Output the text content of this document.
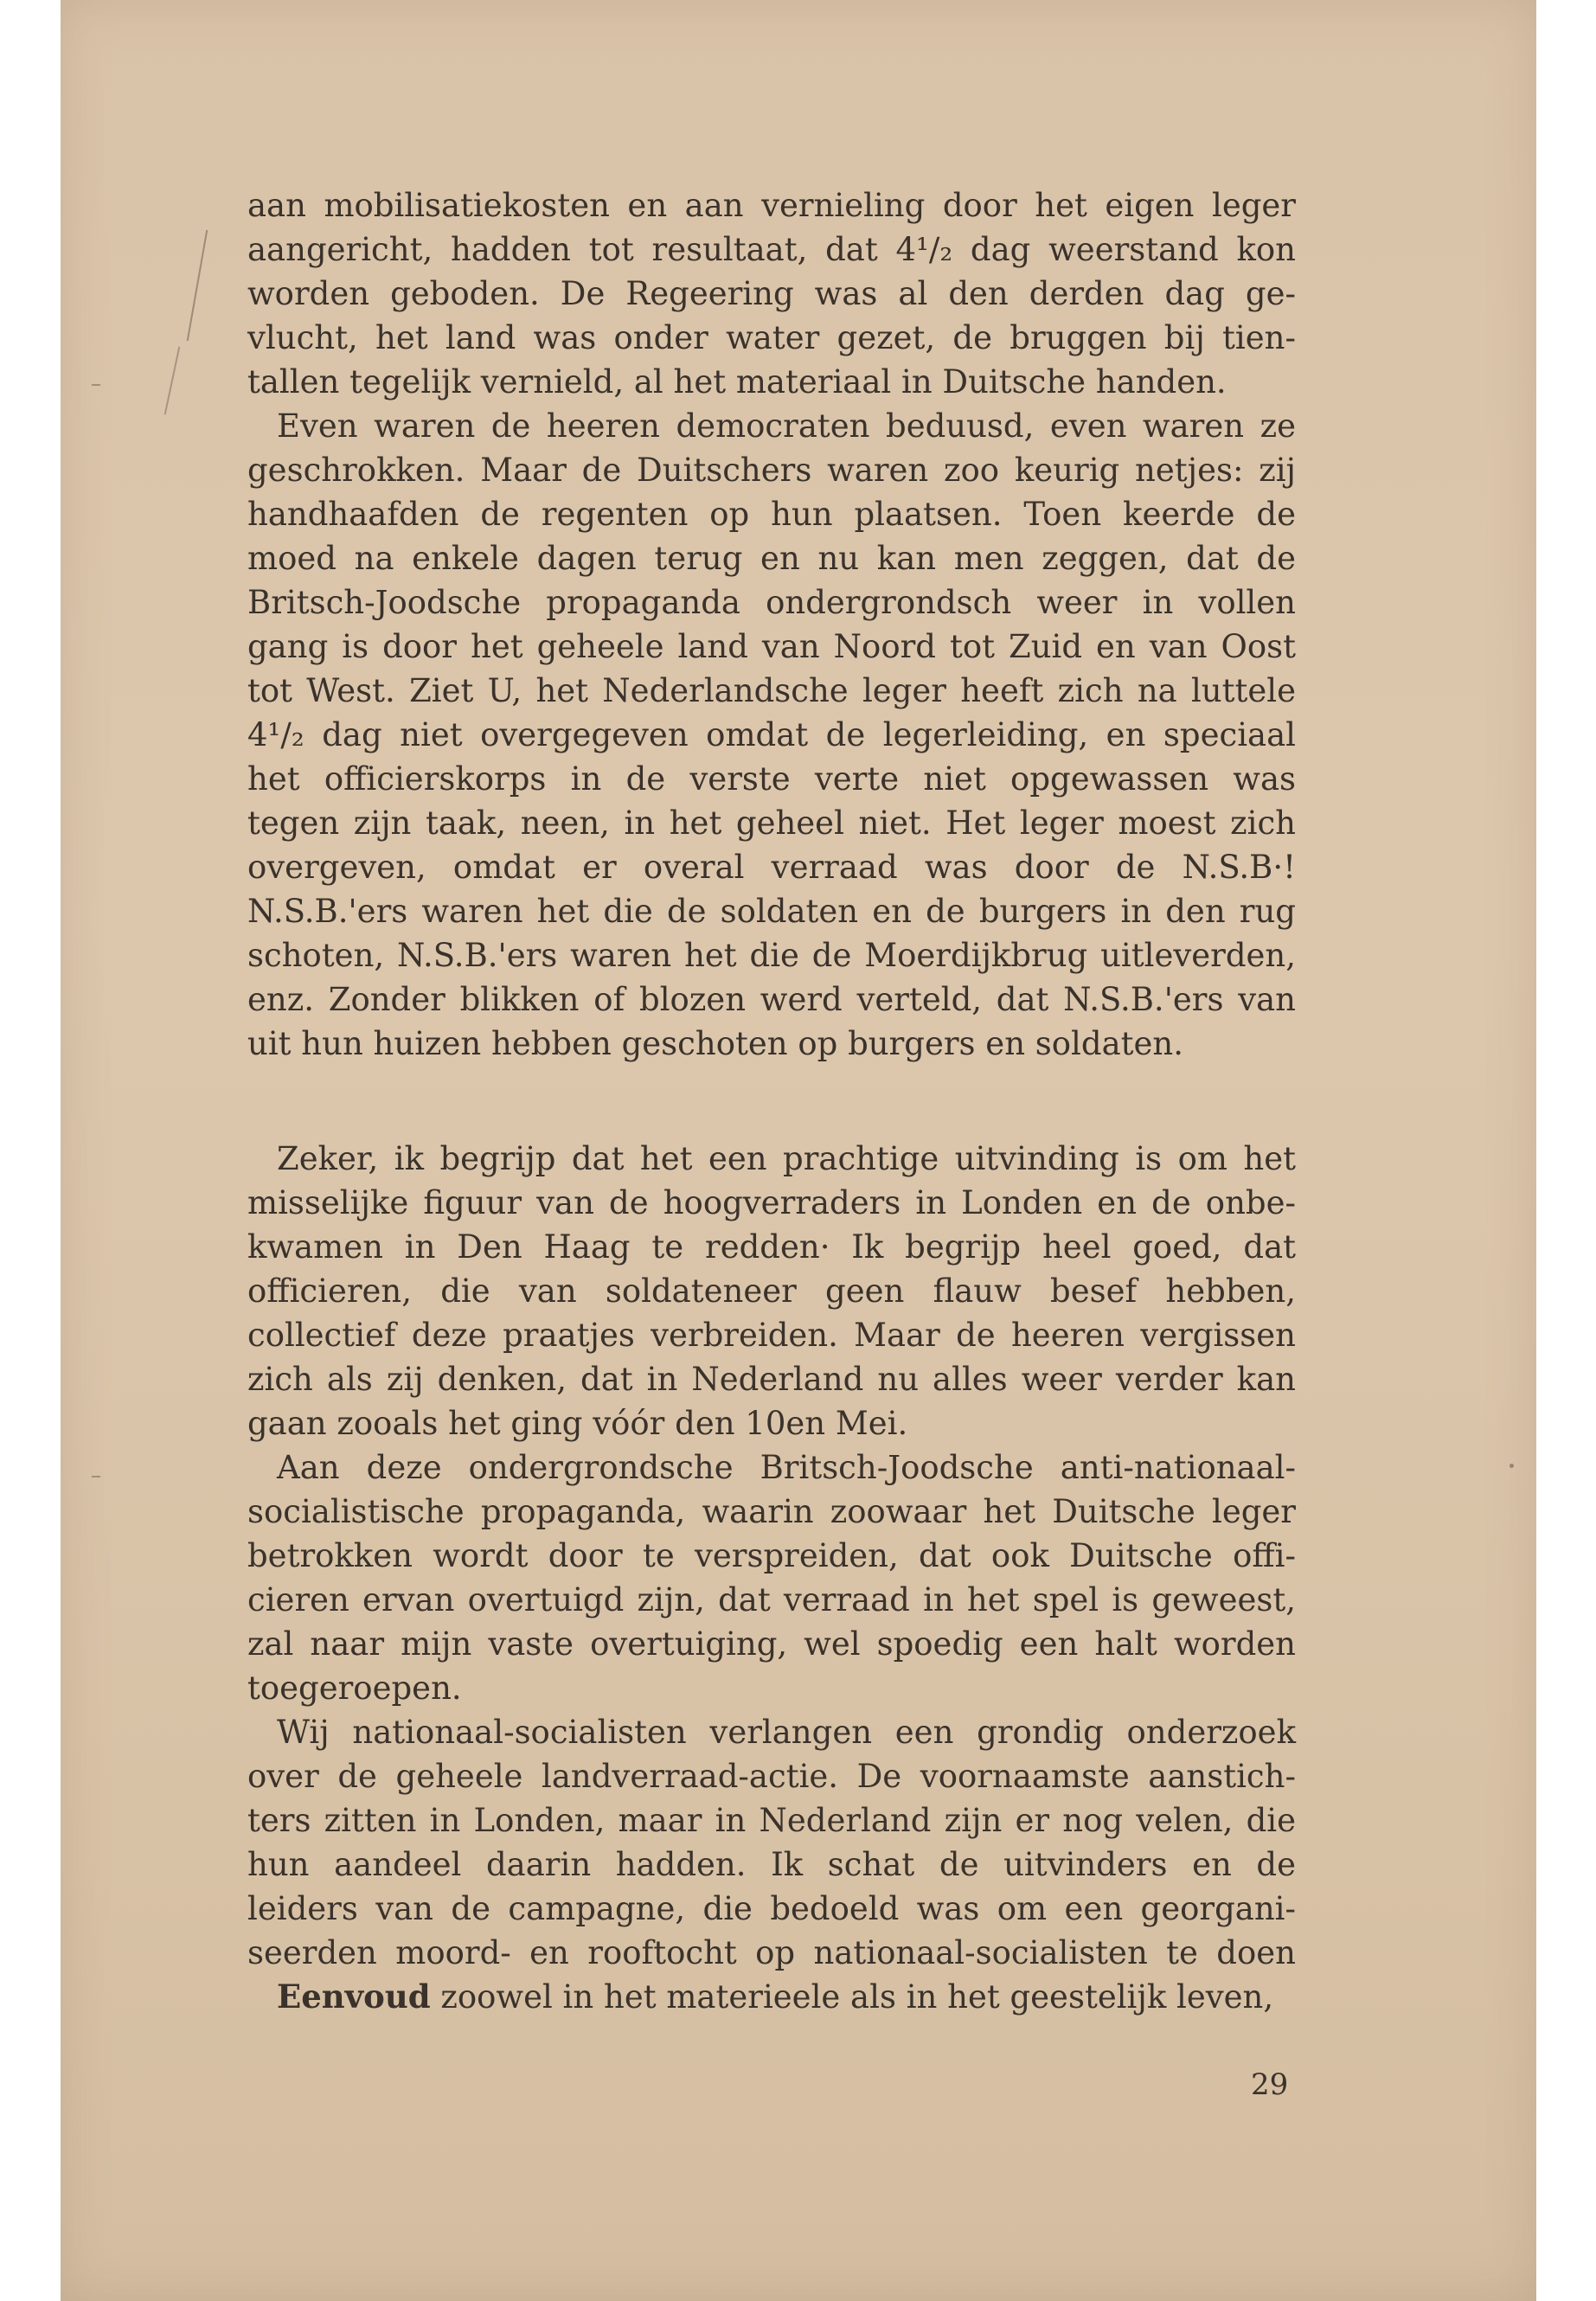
aan mobilisatiekosten en aan vernieling door het eigen leger
aangericht, hadden tot resultaat, dat 4¹/₂ dag weerstand kon
worden geboden. De Regeering was al den derden dag ge-
vlucht, het land was onder water gezet, de bruggen bij tien-
tallen tegelijk vernield, al het materiaal in Duitsche handen.

Even waren de heeren democraten beduusd, even waren ze
geschrokken. Maar de Duitschers waren zoo keurig netjes: zij
handhaafden de regenten op hun plaatsen. Toen keerde de
moed na enkele dagen terug en nu kan men zeggen, dat de
Britsch-Joodsche propaganda ondergrondsch weer in vollen
gang is door het geheele land van Noord tot Zuid en van Oost
tot West. Ziet U, het Nederlandsche leger heeft zich na luttele
4¹/₂ dag niet overgegeven omdat de legerleiding, en speciaal
het officierskorps in de verste verte niet opgewassen was
tegen zijn taak, neen, in het geheel niet. Het leger moest zich
overgeven, omdat er overal verraad was door de N.S.B·!
N.S.B.'ers waren het die de soldaten en de burgers in den rug
schoten, N.S.B.'ers waren het die de Moerdijkbrug uitleverden,
enz. Zonder blikken of blozen werd verteld, dat N.S.B.'ers van
uit hun huizen hebben geschoten op burgers en soldaten.

Zeker, ik begrijp dat het een prachtige uitvinding is om het
misselijke figuur van de hoogverraders in Londen en de onbe-
kwamen in Den Haag te redden· Ik begrijp heel goed, dat
officieren, die van soldateneer geen flauw besef hebben,
collectief deze praatjes verbreiden. Maar de heeren vergissen
zich als zij denken, dat in Nederland nu alles weer verder kan
gaan zooals het ging vóór den 10en Mei.

Aan deze ondergrondsche Britsch-Joodsche anti-nationaal-
socialistische propaganda, waarin zoowaar het Duitsche leger
betrokken wordt door te verspreiden, dat ook Duitsche offi-
cieren ervan overtuigd zijn, dat verraad in het spel is geweest,
zal naar mijn vaste overtuiging, wel spoedig een halt worden
toegeroepen.

Wij nationaal-socialisten verlangen een grondig onderzoek
over de geheele landverraad-actie. De voornaamste aanstich-
ters zitten in Londen, maar in Nederland zijn er nog velen, die
hun aandeel daarin hadden. Ik schat de uitvinders en de
leiders van de campagne, die bedoeld was om een georgani-
seerden moord- en rooftocht op nationaal-socialisten te doen
Eenvoud zoowel in het materieele als in het geestelijk leven,

29
